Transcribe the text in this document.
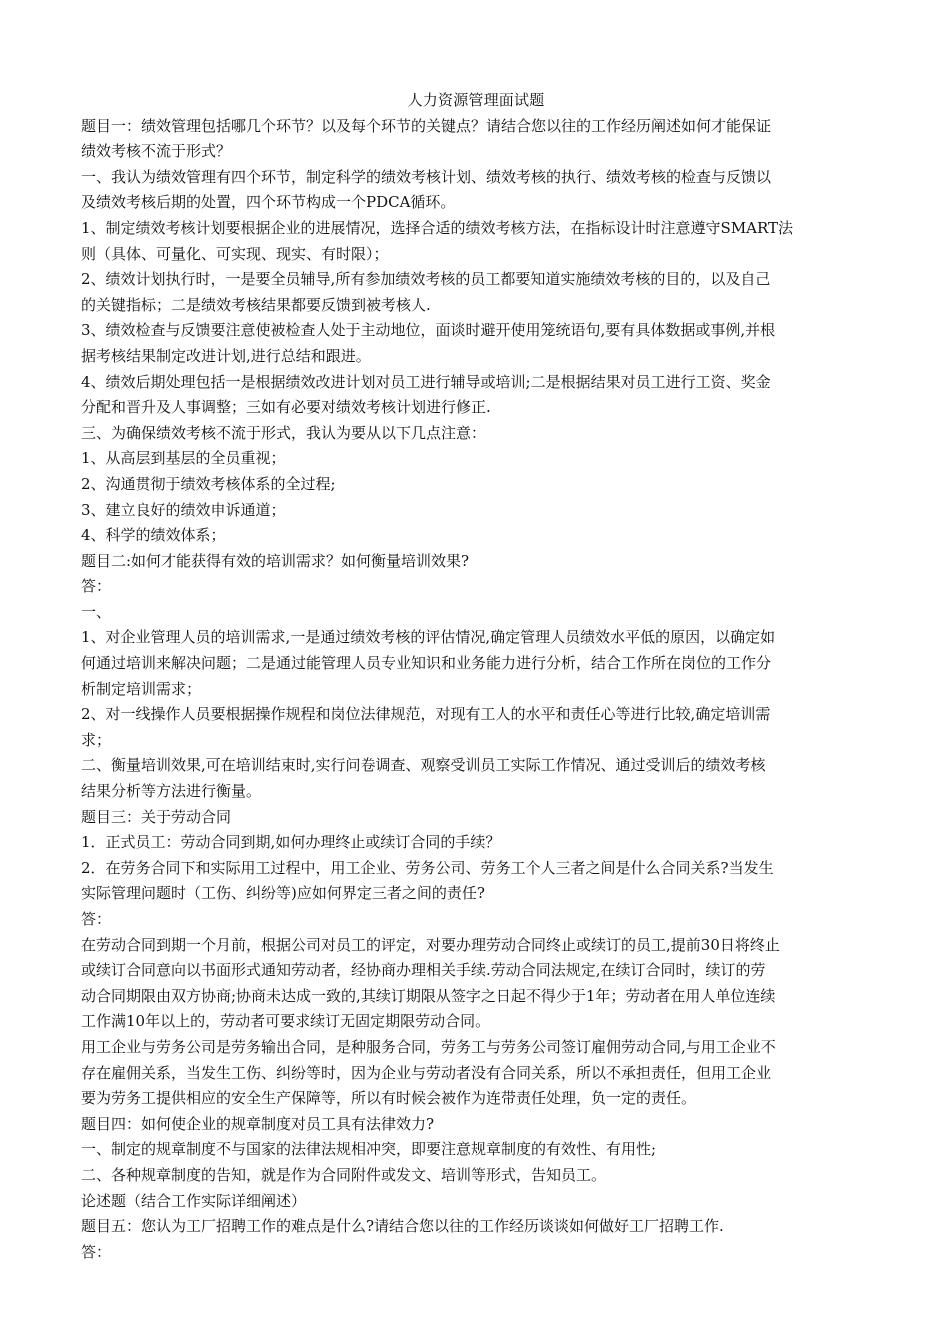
人力资源管理面试题

题目一：绩效管理包括哪几个环节？以及每个环节的关键点？请结合您以往的工作经历阐述如何才能保证

绩效考核不流于形式？

一、我认为绩效管理有四个环节，制定科学的绩效考核计划、绩效考核的执行、绩效考核的检查与反馈以

及绩效考核后期的处置，四个环节构成一个PDCA循环。

1、制定绩效考核计划要根据企业的进展情况，选择合适的绩效考核方法，在指标设计时注意遵守SMART法

则（具体、可量化、可实现、现实、有时限）；

2、绩效计划执行时，一是要全员辅导,所有参加绩效考核的员工都要知道实施绩效考核的目的，以及自己

的关键指标；二是绩效考核结果都要反馈到被考核人.

3、绩效检查与反馈要注意使被检查人处于主动地位，面谈时避开使用笼统语句,要有具体数据或事例,并根

据考核结果制定改进计划,进行总结和跟进。

4、绩效后期处理包括一是根据绩效改进计划对员工进行辅导或培训;二是根据结果对员工进行工资、奖金

分配和晋升及人事调整；三如有必要对绩效考核计划进行修正.

三、为确保绩效考核不流于形式，我认为要从以下几点注意：

1、从高层到基层的全员重视；

2、沟通贯彻于绩效考核体系的全过程;

3、建立良好的绩效申诉通道；

4、科学的绩效体系；

题目二:如何才能获得有效的培训需求？如何衡量培训效果?

答：

一、

1、对企业管理人员的培训需求,一是通过绩效考核的评估情况,确定管理人员绩效水平低的原因，以确定如

何通过培训来解决问题；二是通过能管理人员专业知识和业务能力进行分析，结合工作所在岗位的工作分

析制定培训需求；

2、对一线操作人员要根据操作规程和岗位法律规范，对现有工人的水平和责任心等进行比较,确定培训需

求；

二、衡量培训效果,可在培训结束时,实行问卷调查、观察受训员工实际工作情况、通过受训后的绩效考核

结果分析等方法进行衡量。

题目三：关于劳动合同

1．正式员工：劳动合同到期,如何办理终止或续订合同的手续？

2．在劳务合同下和实际用工过程中，用工企业、劳务公司、劳务工个人三者之间是什么合同关系?当发生

实际管理问题时（工伤、纠纷等)应如何界定三者之间的责任?

答：

在劳动合同到期一个月前，根据公司对员工的评定，对要办理劳动合同终止或续订的员工,提前30日将终止

或续订合同意向以书面形式通知劳动者，经协商办理相关手续.劳动合同法规定,在续订合同时，续订的劳

动合同期限由双方协商;协商未达成一致的,其续订期限从签字之日起不得少于1年；劳动者在用人单位连续

工作满10年以上的，劳动者可要求续订无固定期限劳动合同。

用工企业与劳务公司是劳务输出合同，是种服务合同，劳务工与劳务公司签订雇佣劳动合同,与用工企业不

存在雇佣关系，当发生工伤、纠纷等时，因为企业与劳动者没有合同关系，所以不承担责任，但用工企业

要为劳务工提供相应的安全生产保障等，所以有时候会被作为连带责任处理，负一定的责任。

题目四：如何使企业的规章制度对员工具有法律效力?

一、制定的规章制度不与国家的法律法规相冲突，即要注意规章制度的有效性、有用性;

二、各种规章制度的告知，就是作为合同附件或发文、培训等形式，告知员工。

论述题（结合工作实际详细阐述）

题目五：您认为工厂招聘工作的难点是什么?请结合您以往的工作经历谈谈如何做好工厂招聘工作.

答：
